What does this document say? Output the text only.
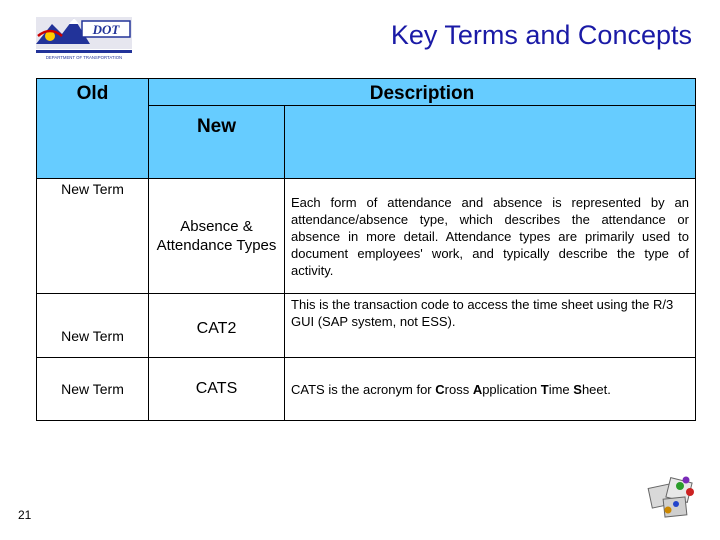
DOT
DEPARTMENT OF TRANSPORTATION
Key Terms and Concepts
Old	Description	
	New	
New Term	Absence & Attendance Types	Each form of attendance and absence is represented by an attendance/absence type, which describes the attendance or absence in more detail. Attendance types are primarily used to document employees' work, and typically describe the type of activity.
New Term	CAT2	This is the transaction code to access the time sheet using the R/3 GUI (SAP system, not ESS).
New Term	CATS	CATS is the acronym for Cross Application Time Sheet.
21
